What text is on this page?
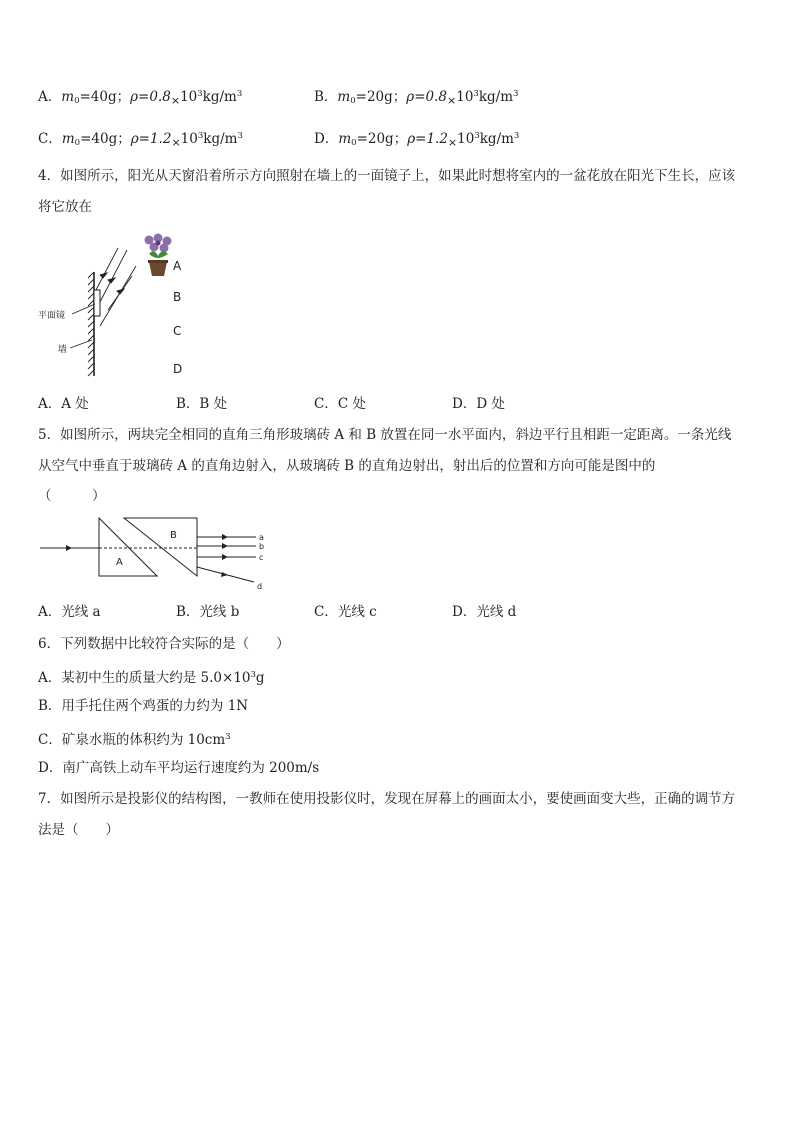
A．$m_0=40g$；$\rho=0.8_\times 10^3kg/m^3$	B．$m_0=20g$；$\rho=0.8_\times 10^3kg/m^3$
C．$m_0=40g$；$\rho=1.2_\times 10^3kg/m^3$	D．$m_0=20g$；$\rho=1.2_\times 10^3kg/m^3$
4．如图所示，阳光从天窗沿着所示方向照射在墙上的一面镜子上，如果此时想将室内的一盆花放在阳光下生长，应该
将它放在
平面镜
墙
A
B
C
D
A．A 处	B．B 处	C．C 处	D．D 处
5．如图所示，两块完全相同的直角三角形玻璃砖 A 和 B 放置在同一水平面内，斜边平行且相距一定距离。一条光线
从空气中垂直于玻璃砖 A 的直角边射入，从玻璃砖 B 的直角边射出，射出后的位置和方向可能是图中的
（　　　）
A
B	a
b
c
d
A．光线 a	B．光线 b	C．光线 c	D．光线 d
6．下列数据中比较符合实际的是（　　）
A．某初中生的质量大约是 $5.0\times 10^3g$
B．用手托住两个鸡蛋的力约为 1N
C．矿泉水瓶的体积约为 $10cm^3$
D．南广高铁上动车平均运行速度约为 200m/s
7．如图所示是投影仪的结构图，一教师在使用投影仪时，发现在屏幕上的画面太小，要使画面变大些，正确的调节方
法是（　　）
